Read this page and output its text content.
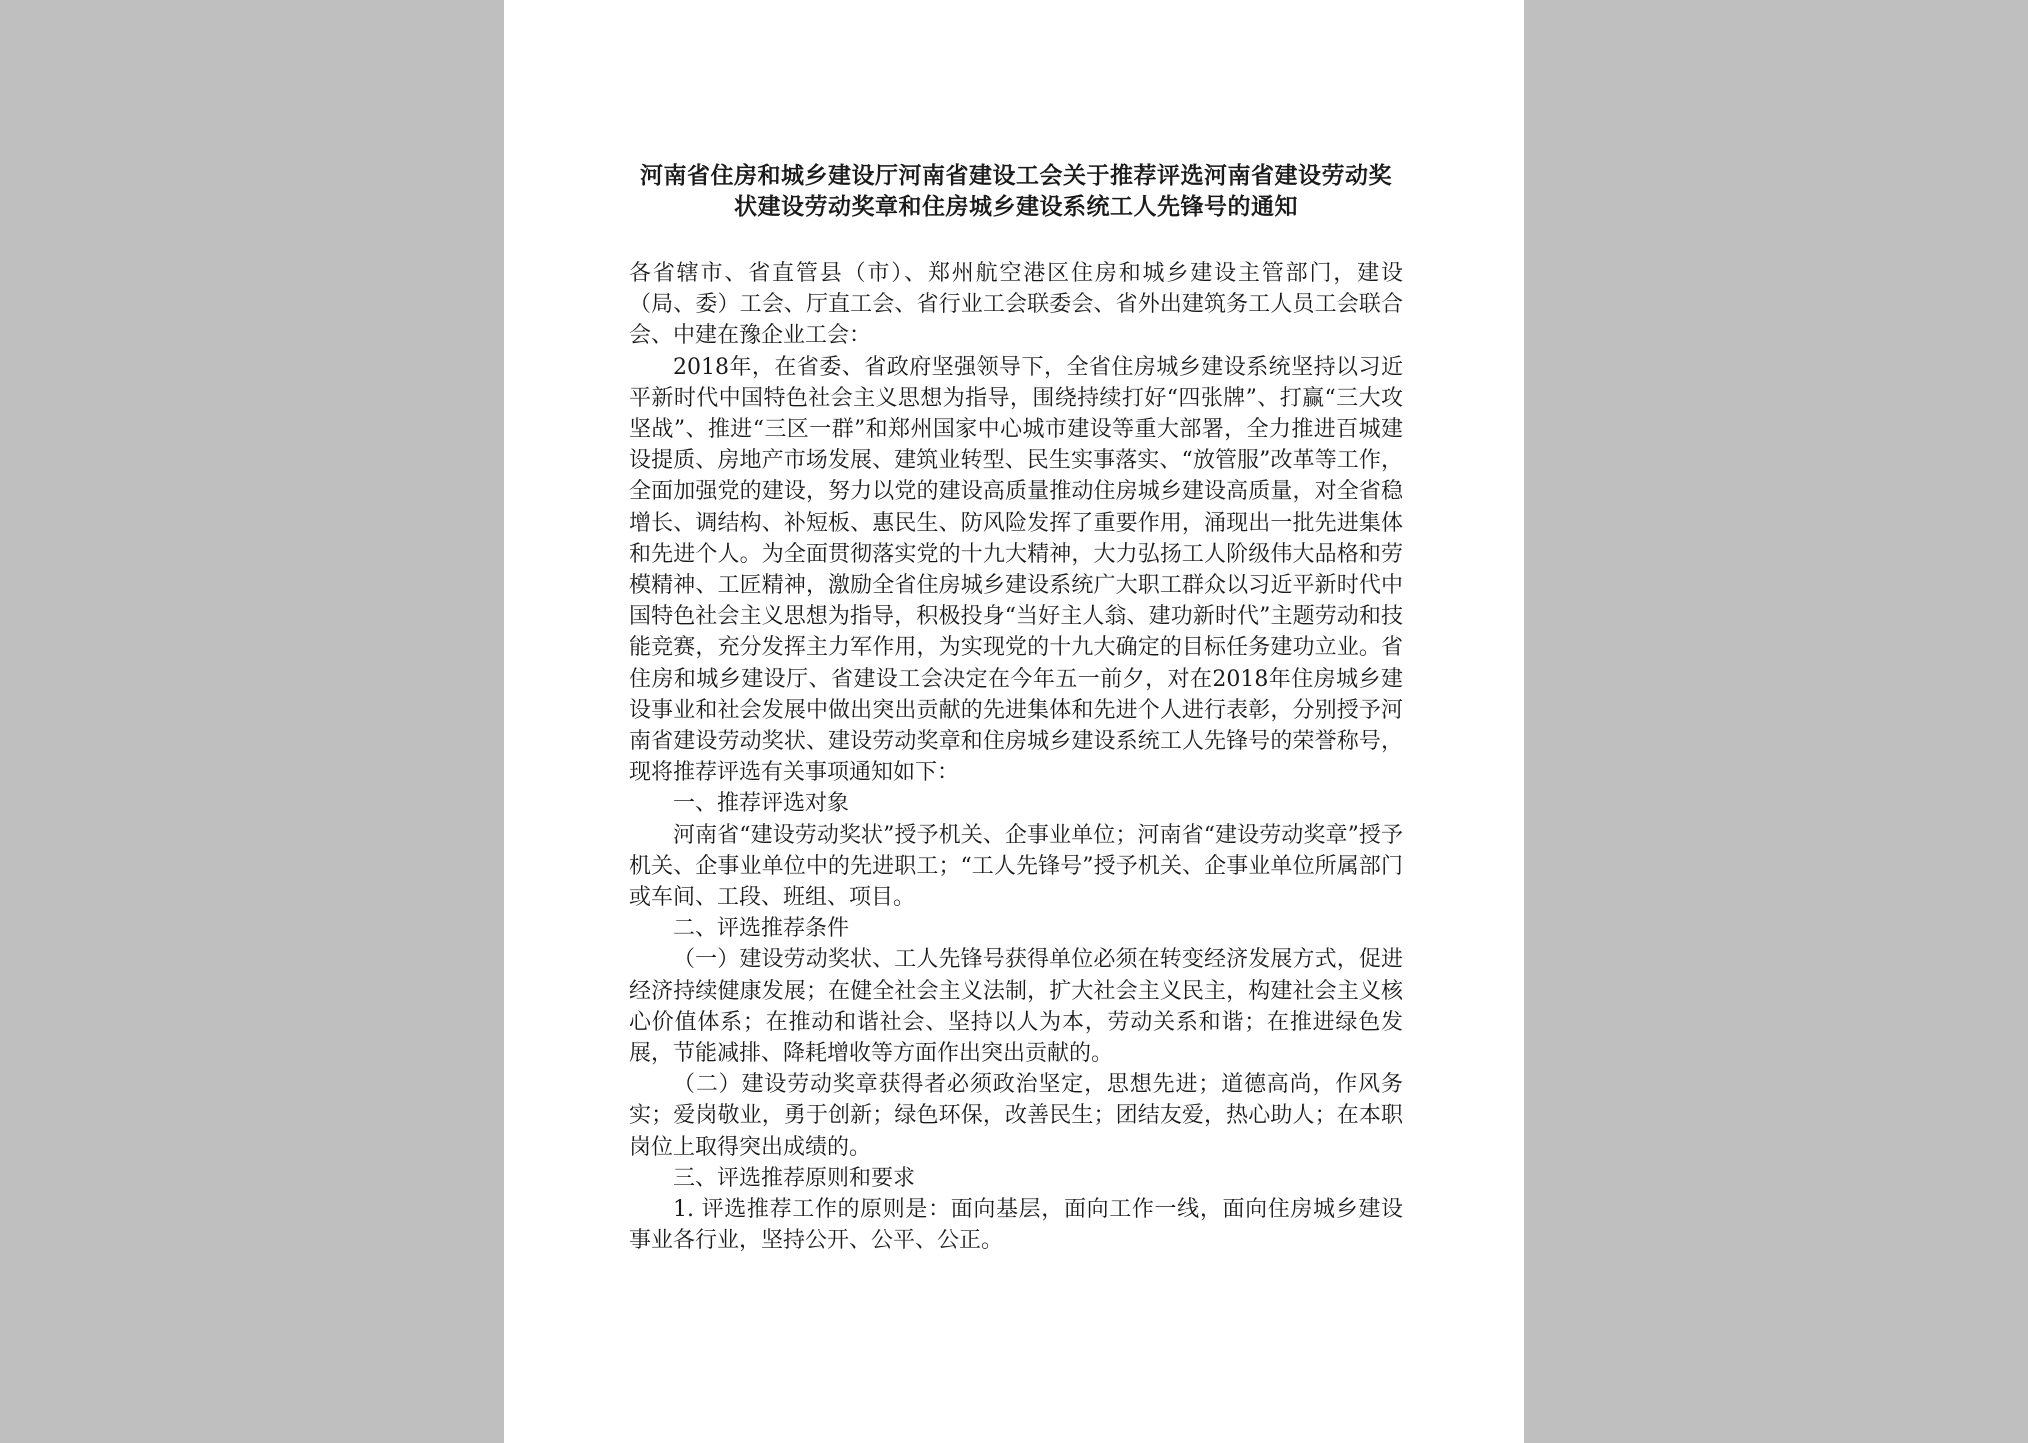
河南省住房和城乡建设厅河南省建设工会关于推荐评选河南省建设劳动奖状建设劳动奖章和住房城乡建设系统工人先锋号的通知

各省辖市、省直管县（市）、郑州航空港区住房和城乡建设主管部门，建设（局、委）工会、厅直工会、省行业工会联委会、省外出建筑务工人员工会联合会、中建在豫企业工会：

2018年，在省委、省政府坚强领导下，全省住房城乡建设系统坚持以习近平新时代中国特色社会主义思想为指导，围绕持续打好“四张牌”、打赢“三大攻坚战”、推进“三区一群”和郑州国家中心城市建设等重大部署，全力推进百城建设提质、房地产市场发展、建筑业转型、民生实事落实、“放管服”改革等工作，全面加强党的建设，努力以党的建设高质量推动住房城乡建设高质量，对全省稳增长、调结构、补短板、惠民生、防风险发挥了重要作用，涌现出一批先进集体和先进个人。为全面贯彻落实党的十九大精神，大力弘扬工人阶级伟大品格和劳模精神、工匠精神，激励全省住房城乡建设系统广大职工群众以习近平新时代中国特色社会主义思想为指导，积极投身“当好主人翁、建功新时代”主题劳动和技能竞赛，充分发挥主力军作用，为实现党的十九大确定的目标任务建功立业。省住房和城乡建设厅、省建设工会决定在今年五一前夕，对在2018年住房城乡建设事业和社会发展中做出突出贡献的先进集体和先进个人进行表彰，分别授予河南省建设劳动奖状、建设劳动奖章和住房城乡建设系统工人先锋号的荣誉称号，现将推荐评选有关事项通知如下：

一、推荐评选对象

河南省“建设劳动奖状”授予机关、企事业单位；河南省“建设劳动奖章”授予机关、企事业单位中的先进职工；“工人先锋号”授予机关、企事业单位所属部门或车间、工段、班组、项目。

二、评选推荐条件

（一）建设劳动奖状、工人先锋号获得单位必须在转变经济发展方式，促进经济持续健康发展；在健全社会主义法制，扩大社会主义民主，构建社会主义核心价值体系；在推动和谐社会、坚持以人为本，劳动关系和谐；在推进绿色发展，节能减排、降耗增收等方面作出突出贡献的。

（二）建设劳动奖章获得者必须政治坚定，思想先进；道德高尚，作风务实；爱岗敬业，勇于创新；绿色环保，改善民生；团结友爱，热心助人；在本职岗位上取得突出成绩的。

三、评选推荐原则和要求

1. 评选推荐工作的原则是：面向基层，面向工作一线，面向住房城乡建设事业各行业，坚持公开、公平、公正。
